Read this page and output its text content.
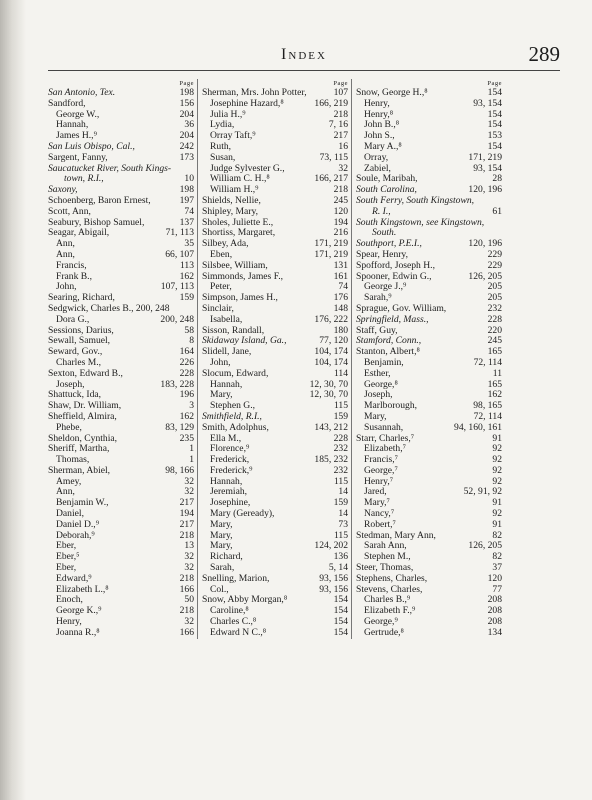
Index	289
Page
San Antonio, Tex.	198
Sandford,	156
George W.,	204
Hannah,	36
James H.,⁹	204
San Luis Obispo, Cal.,	242
Sargent, Fanny,	173
Saucatucket River, South Kings-
town, R.I.,	10
Saxony,	198
Schoenberg, Baron Ernest,	197
Scott, Ann,	74
Seabury, Bishop Samuel,	137
Seagar, Abigail,	71, 113
Ann,	35
Ann,	66, 107
Francis,	113
Frank B.,	162
John,	107, 113
Searing, Richard,	159
Sedgwick, Charles B., 200, 248
Dora G.,	200, 248
Sessions, Darius,	58
Sewall, Samuel,	8
Seward, Gov.,	164
Charles M.,	226
Sexton, Edward B.,	228
Joseph,	183, 228
Shattuck, Ida,	196
Shaw, Dr. William,	3
Sheffield, Almira,	162
Phebe,	83, 129
Sheldon, Cynthia,	235
Sheriff, Martha,	1
Thomas,	1
Sherman, Abiel,	98, 166
Amey,	32
Ann,	32
Benjamin W.,	217
Daniel,	194
Daniel D.,⁹	217
Deborah,⁹	218
Eber,	13
Eber,⁵	32
Eber,	32
Edward,⁹	218
Elizabeth L.,⁸	166
Enoch,	50
George K.,⁹	218
Henry,	32
Joanna R.,⁸	166
Page
Sherman, Mrs. John Potter,	107
Josephine Hazard,⁸	166, 219
Julia H.,⁹	218
Lydia,	7, 16
Orray Taft,⁹	217
Ruth,	16
Susan,	73, 115
Judge Sylvester G.,	32
William C. H.,⁸	166, 217
William H.,⁹	218
Shields, Nellie,	245
Shipley, Mary,	120
Sholes, Juliette E.,	194
Shortiss, Margaret,	216
Silbey, Ada,	171, 219
Eben,	171, 219
Silsbee, William,	131
Simmonds, James F.,	161
Peter,	74
Simpson, James H.,	176
Sinclair,	148
Isabella,	176, 222
Sisson, Randall,	180
Skidaway Island, Ga.,	77, 120
Slidell, Jane,	104, 174
John,	104, 174
Slocum, Edward,	114
Hannah,	12, 30, 70
Mary,	12, 30, 70
Stephen G.,	115
Smithfield, R.I.,	159
Smith, Adolphus,	143, 212
Ella M.,	228
Florence,⁹	232
Frederick,	185, 232
Frederick,⁹	232
Hannah,	115
Jeremiah,	14
Josephine,	159
Mary (Geready),	14
Mary,	73
Mary,	115
Mary,	124, 202
Richard,	136
Sarah,	5, 14
Snelling, Marion,	93, 156
Col.,	93, 156
Snow, Abby Morgan,⁸	154
Caroline,⁸	154
Charles C.,⁸	154
Edward N C.,⁸	154
Page
Snow, George H.,⁸	154
Henry,	93, 154
Henry,⁸	154
John B.,⁸	154
John S.,	153
Mary A.,⁸	154
Orray,	171, 219
Zabiel,	93, 154
Soule, Maribah,	28
South Carolina,	120, 196
South Ferry, South Kingstown,
R. I.,	61
South Kingstown, see Kingstown,
South.
Southport, P.E.I.,	120, 196
Spear, Henry,	229
Spofford, Joseph H.,	229
Spooner, Edwin G.,	126, 205
George J.,⁹	205
Sarah,⁹	205
Sprague, Gov. William,	232
Springfield, Mass.,	228
Staff, Guy,	220
Stamford, Conn.,	245
Stanton, Albert,⁸	165
Benjamin,	72, 114
Esther,	11
George,⁸	165
Joseph,	162
Marlborough,	98, 165
Mary,	72, 114
Susannah,	94, 160, 161
Starr, Charles,⁷	91
Elizabeth,⁷	92
Francis,⁷	92
George,⁷	92
Henry,⁷	92
Jared,	52, 91, 92
Mary,⁷	91
Nancy,⁷	92
Robert,⁷	91
Stedman, Mary Ann,	82
Sarah Ann,	126, 205
Stephen M.,	82
Steer, Thomas,	37
Stephens, Charles,	120
Stevens, Charles,	77
Charles B.,⁹	208
Elizabeth F.,⁹	208
George,⁹	208
Gertrude,⁸	134
